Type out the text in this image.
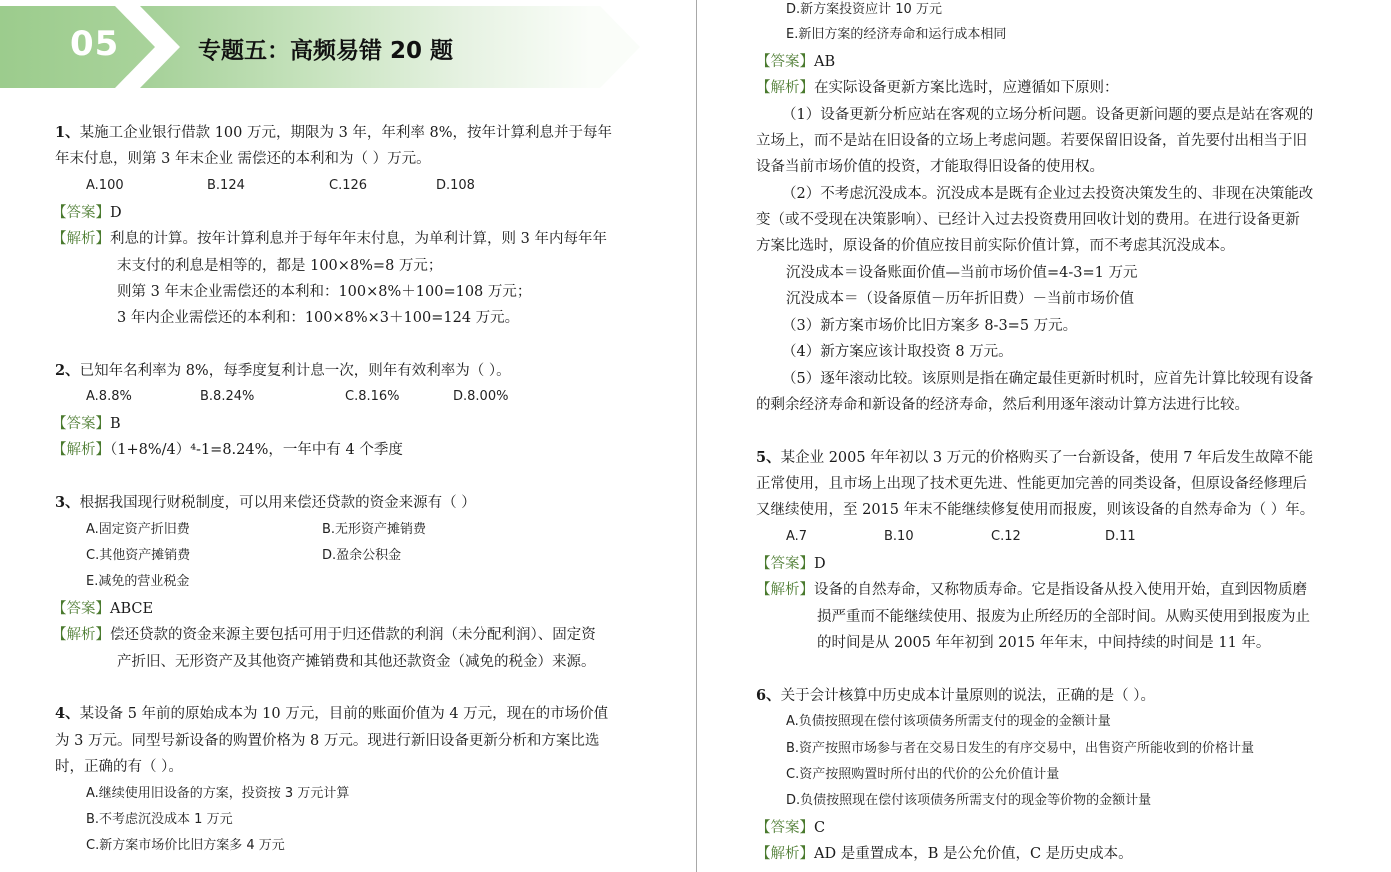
05	专题五：高频易错 20 题
1、某施工企业银行借款 100 万元，期限为 3 年，年利率 8%，按年计算利息并于每年
年末付息，则第 3 年末企业 需偿还的本利和为（ ）万元。
A.100	B.124	C.126	D.108
【答案】D
【解析】利息的计算。按年计算利息并于每年年末付息，为单利计算，则 3 年内每年年
末支付的利息是相等的，都是 100×8%=8 万元；
则第 3 年末企业需偿还的本利和：100×8%＋100=108 万元；
3 年内企业需偿还的本利和：100×8%×3＋100=124 万元。
2、已知年名利率为 8%，每季度复利计息一次，则年有效利率为（ ）。
A.8.8%	B.8.24%	C.8.16%	D.8.00%
【答案】B
【解析】（1+8%/4）⁴-1=8.24%，一年中有 4 个季度
3、根据我国现行财税制度，可以用来偿还贷款的资金来源有（ ）
A.固定资产折旧费	B.无形资产摊销费
C.其他资产摊销费	D.盈余公积金
E.减免的营业税金
【答案】ABCE
【解析】偿还贷款的资金来源主要包括可用于归还借款的利润（未分配利润）、固定资
产折旧、无形资产及其他资产摊销费和其他还款资金（减免的税金）来源。
4、某设备 5 年前的原始成本为 10 万元，目前的账面价值为 4 万元，现在的市场价值
为 3 万元。同型号新设备的购置价格为 8 万元。现进行新旧设备更新分析和方案比选
时，正确的有（ ）。
A.继续使用旧设备的方案，投资按 3 万元计算
B.不考虑沉没成本 1 万元
C.新方案市场价比旧方案多 4 万元
D.新方案投资应计 10 万元
E.新旧方案的经济寿命和运行成本相同
【答案】AB
【解析】在实际设备更新方案比选时，应遵循如下原则：
（1）设备更新分析应站在客观的立场分析问题。设备更新问题的要点是站在客观的
立场上，而不是站在旧设备的立场上考虑问题。若要保留旧设备，首先要付出相当于旧
设备当前市场价值的投资，才能取得旧设备的使用权。
（2）不考虑沉没成本。沉没成本是既有企业过去投资决策发生的、非现在决策能改
变（或不受现在决策影响）、已经计入过去投资费用回收计划的费用。在进行设备更新
方案比选时，原设备的价值应按目前实际价值计算，而不考虑其沉没成本。
沉没成本＝设备账面价值—当前市场价值=4-3=1 万元
沉没成本＝（设备原值－历年折旧费）－当前市场价值
（3）新方案市场价比旧方案多 8-3=5 万元。
（4）新方案应该计取投资 8 万元。
（5）逐年滚动比较。该原则是指在确定最佳更新时机时，应首先计算比较现有设备
的剩余经济寿命和新设备的经济寿命，然后利用逐年滚动计算方法进行比较。
5、某企业 2005 年年初以 3 万元的价格购买了一台新设备，使用 7 年后发生故障不能
正常使用，且市场上出现了技术更先进、性能更加完善的同类设备，但原设备经修理后
又继续使用，至 2015 年末不能继续修复使用而报废，则该设备的自然寿命为（ ）年。
A.7	B.10	C.12	D.11
【答案】D
【解析】设备的自然寿命，又称物质寿命。它是指设备从投入使用开始，直到因物质磨
损严重而不能继续使用、报废为止所经历的全部时间。从购买使用到报废为止
的时间是从 2005 年年初到 2015 年年末，中间持续的时间是 11 年。
6、关于会计核算中历史成本计量原则的说法，正确的是（ ）。
A.负债按照现在偿付该项债务所需支付的现金的金额计量
B.资产按照市场参与者在交易日发生的有序交易中，出售资产所能收到的价格计量
C.资产按照购置时所付出的代价的公允价值计量
D.负债按照现在偿付该项债务所需支付的现金等价物的金额计量
【答案】C
【解析】AD 是重置成本，B 是公允价值，C 是历史成本。
